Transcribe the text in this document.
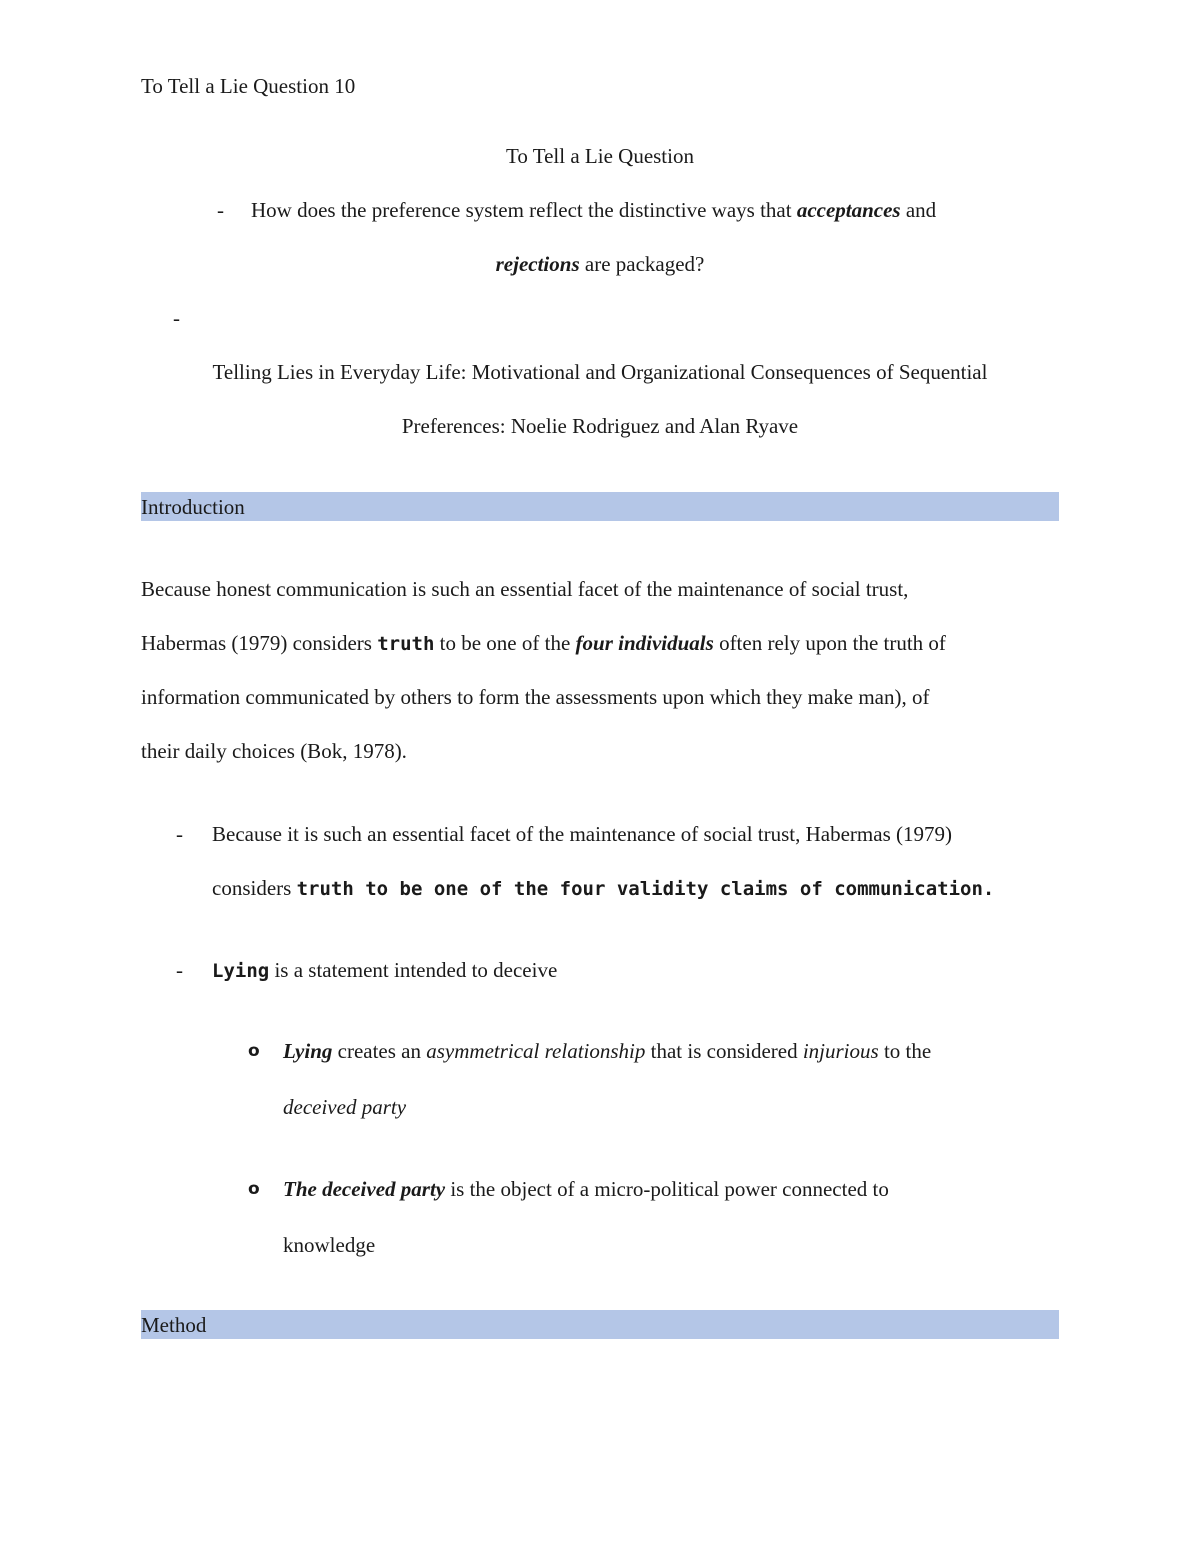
To Tell a Lie Question 10
To Tell a Lie Question
- How does the preference system reflect the distinctive ways that acceptances and
rejections are packaged?
-
Telling Lies in Everyday Life: Motivational and Organizational Consequences of Sequential
Preferences: Noelie Rodriguez and Alan Ryave
Introduction
Because honest communication is such an essential facet of the maintenance of social trust,
Habermas (1979) considers truth to be one of the four individuals often rely upon the truth of
information communicated by others to form the assessments upon which they make man), of
their daily choices (Bok, 1978).
- Because it is such an essential facet of the maintenance of social trust, Habermas (1979)
considers truth to be one of the four validity claims of communication.
- Lying is a statement intended to deceive
o Lying creates an asymmetrical relationship that is considered injurious to the
deceived party
o The deceived party is the object of a micro-political power connected to
knowledge
Method
